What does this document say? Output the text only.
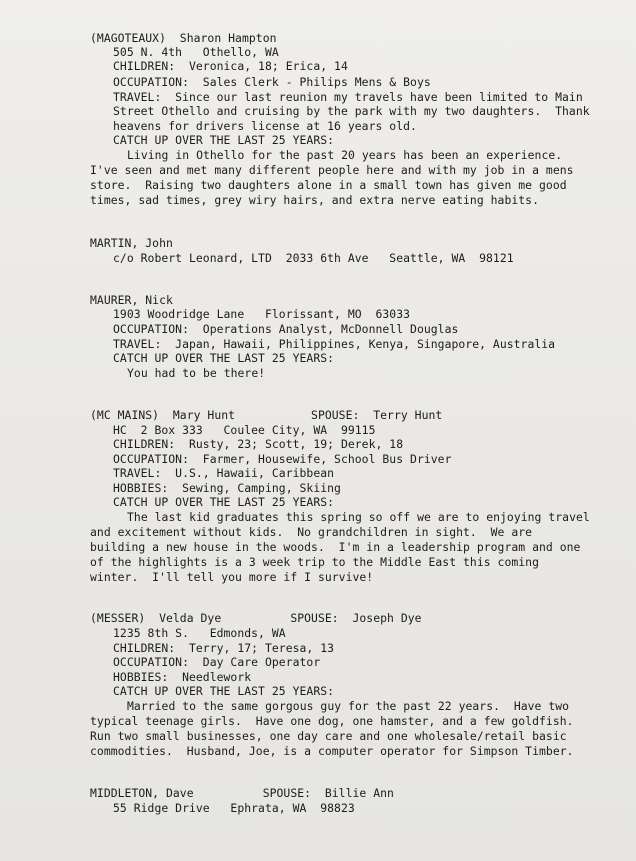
(MAGOTEAUX)  Sharon Hampton
505 N. 4th   Othello, WA
CHILDREN:  Veronica, 18; Erica, 14
OCCUPATION:  Sales Clerk - Philips Mens & Boys
TRAVEL:  Since our last reunion my travels have been limited to Main
Street Othello and cruising by the park with my two daughters.  Thank
heavens for drivers license at 16 years old.
CATCH UP OVER THE LAST 25 YEARS:
Living in Othello for the past 20 years has been an experience.
I've seen and met many different people here and with my job in a mens
store.  Raising two daughters alone in a small town has given me good
times, sad times, grey wiry hairs, and extra nerve eating habits.
MARTIN, John
c/o Robert Leonard, LTD  2033 6th Ave   Seattle, WA  98121
MAURER, Nick
1903 Woodridge Lane   Florissant, MO  63033
OCCUPATION:  Operations Analyst, McDonnell Douglas
TRAVEL:  Japan, Hawaii, Philippines, Kenya, Singapore, Australia
CATCH UP OVER THE LAST 25 YEARS:
You had to be there!
(MC MAINS)  Mary Hunt           SPOUSE:  Terry Hunt
HC  2 Box 333   Coulee City, WA  99115
CHILDREN:  Rusty, 23; Scott, 19; Derek, 18
OCCUPATION:  Farmer, Housewife, School Bus Driver
TRAVEL:  U.S., Hawaii, Caribbean
HOBBIES:  Sewing, Camping, Skiing
CATCH UP OVER THE LAST 25 YEARS:
The last kid graduates this spring so off we are to enjoying travel
and excitement without kids.  No grandchildren in sight.  We are
building a new house in the woods.  I'm in a leadership program and one
of the highlights is a 3 week trip to the Middle East this coming
winter.  I'll tell you more if I survive!
(MESSER)  Velda Dye          SPOUSE:  Joseph Dye
1235 8th S.   Edmonds, WA
CHILDREN:  Terry, 17; Teresa, 13
OCCUPATION:  Day Care Operator
HOBBIES:  Needlework
CATCH UP OVER THE LAST 25 YEARS:
Married to the same gorgous guy for the past 22 years.  Have two
typical teenage girls.  Have one dog, one hamster, and a few goldfish.
Run two small businesses, one day care and one wholesale/retail basic
commodities.  Husband, Joe, is a computer operator for Simpson Timber.
MIDDLETON, Dave          SPOUSE:  Billie Ann
55 Ridge Drive   Ephrata, WA  98823
